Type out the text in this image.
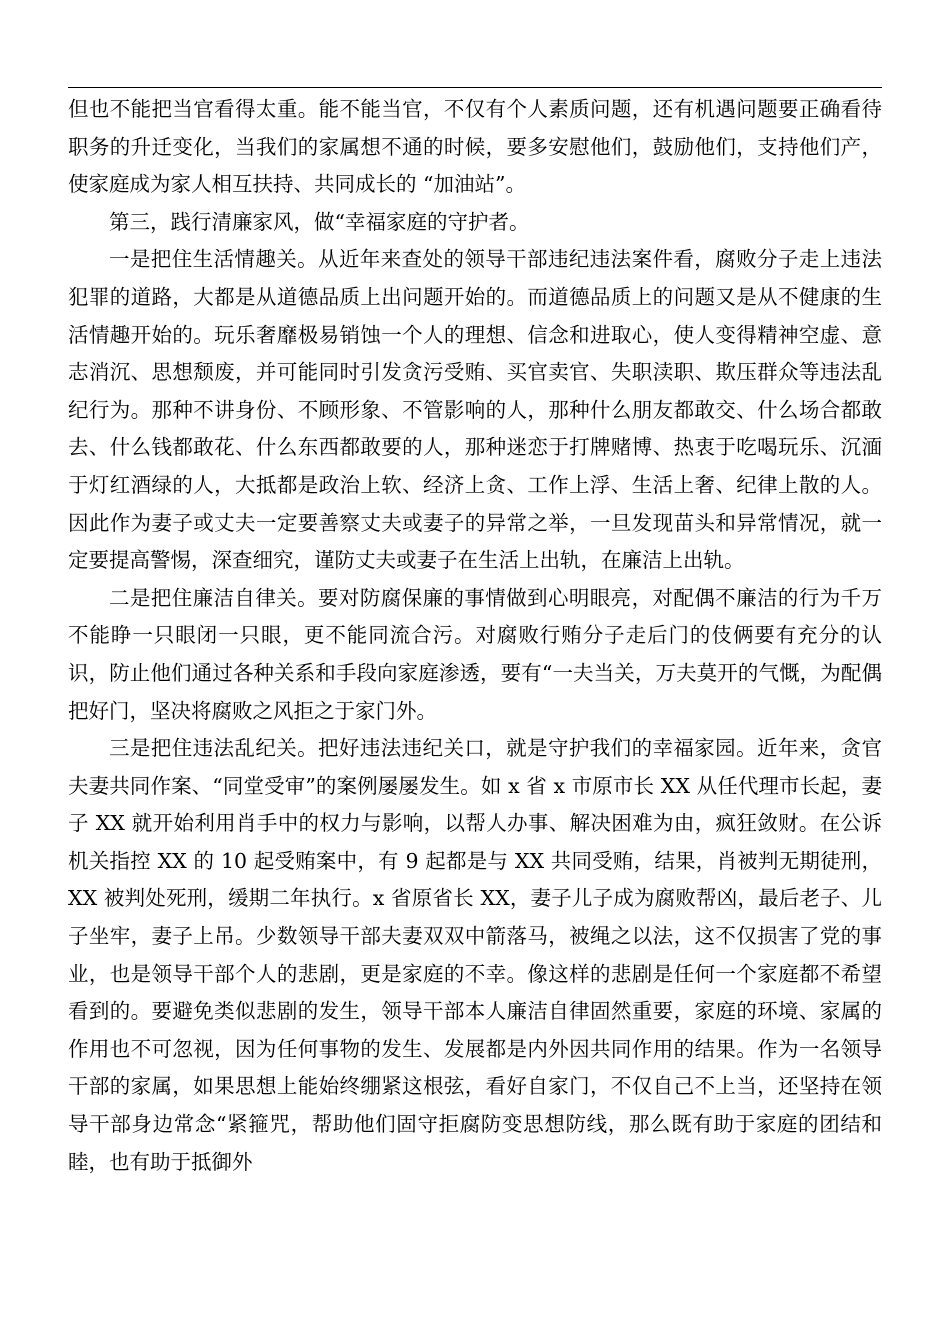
但也不能把当官看得太重。能不能当官，不仅有个人素质问题，还有机遇问题要正确看待职务的升迁变化，当我们的家属想不通的时候，要多安慰他们，鼓励他们，支持他们产，使家庭成为家人相互扶持、共同成长的 “加油站”。

第三，践行清廉家风，做“幸福家庭的守护者。

一是把住生活情趣关。从近年来查处的领导干部违纪违法案件看，腐败分子走上违法犯罪的道路，大都是从道德品质上出问题开始的。而道德品质上的问题又是从不健康的生活情趣开始的。玩乐奢靡极易销蚀一个人的理想、信念和进取心，使人变得精神空虚、意志消沉、思想颓废，并可能同时引发贪污受贿、买官卖官、失职渎职、欺压群众等违法乱纪行为。那种不讲身份、不顾形象、不管影响的人，那种什么朋友都敢交、什么场合都敢去、什么钱都敢花、什么东西都敢要的人，那种迷恋于打牌赌博、热衷于吃喝玩乐、沉湎于灯红酒绿的人，大抵都是政治上软、经济上贪、工作上浮、生活上奢、纪律上散的人。因此作为妻子或丈夫一定要善察丈夫或妻子的异常之举，一旦发现苗头和异常情况，就一定要提高警惕，深查细究，谨防丈夫或妻子在生活上出轨，在廉洁上出轨。

二是把住廉洁自律关。要对防腐保廉的事情做到心明眼亮，对配偶不廉洁的行为千万不能睁一只眼闭一只眼，更不能同流合污。对腐败行贿分子走后门的伎俩要有充分的认识，防止他们通过各种关系和手段向家庭渗透，要有“一夫当关，万夫莫开的气慨，为配偶把好门，坚决将腐败之风拒之于家门外。

三是把住违法乱纪关。把好违法违纪关口，就是守护我们的幸福家园。近年来，贪官夫妻共同作案、“同堂受审”的案例屡屡发生。如 x 省 x 市原市长 XX 从任代理市长起，妻子 XX 就开始利用肖手中的权力与影响，以帮人办事、解决困难为由，疯狂敛财。在公诉机关指控 XX 的 10 起受贿案中，有 9 起都是与 XX 共同受贿，结果，肖被判无期徒刑，XX 被判处死刑，缓期二年执行。x 省原省长 XX，妻子儿子成为腐败帮凶，最后老子、儿子坐牢，妻子上吊。少数领导干部夫妻双双中箭落马，被绳之以法，这不仅损害了党的事业，也是领导干部个人的悲剧，更是家庭的不幸。像这样的悲剧是任何一个家庭都不希望看到的。要避免类似悲剧的发生，领导干部本人廉洁自律固然重要，家庭的环境、家属的作用也不可忽视，因为任何事物的发生、发展都是内外因共同作用的结果。作为一名领导干部的家属，如果思想上能始终绷紧这根弦，看好自家门，不仅自己不上当，还坚持在领导干部身边常念“紧箍咒，帮助他们固守拒腐防变思想防线，那么既有助于家庭的团结和睦，也有助于抵御外
